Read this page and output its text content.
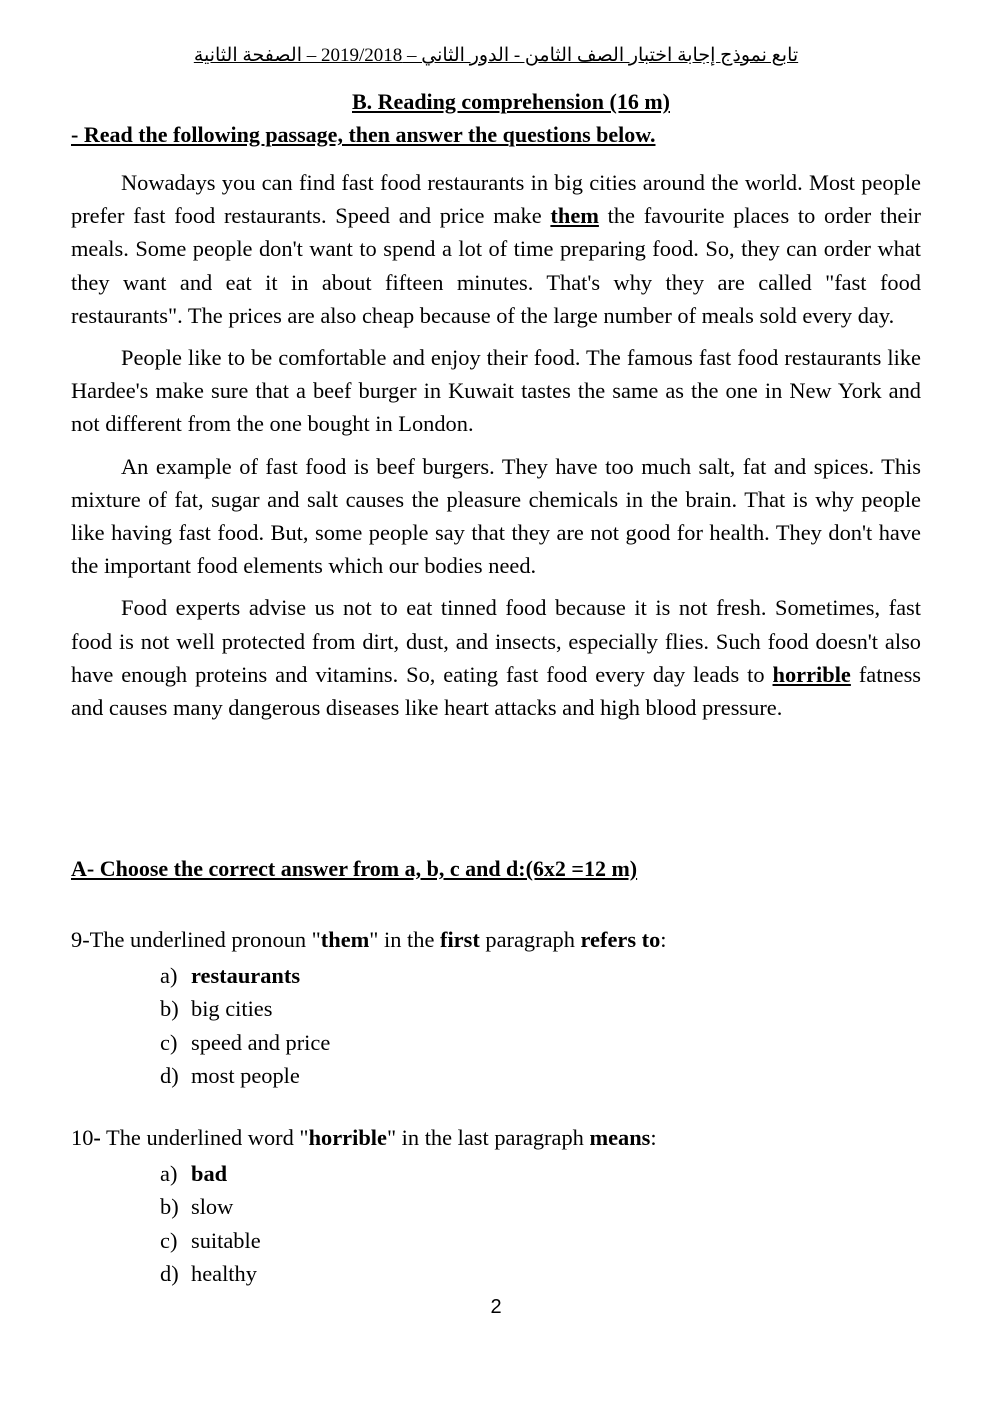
تابع نموذج إجابة اختبار الصف الثامن - الدور الثاني – 2019/2018 – الصفحة الثانية
B. Reading comprehension (16 m)
- Read the following passage, then answer the questions below.

Nowadays you can find fast food restaurants in big cities around the world. Most people prefer fast food restaurants. Speed and price make them the favourite places to order their meals. Some people don't want to spend a lot of time preparing food. So, they can order what they want and eat it in about fifteen minutes. That's why they are called "fast food restaurants". The prices are also cheap because of the large number of meals sold every day.

People like to be comfortable and enjoy their food. The famous fast food restaurants like Hardee's make sure that a beef burger in Kuwait tastes the same as the one in New York and not different from the one bought in London.

An example of fast food is beef burgers. They have too much salt, fat and spices. This mixture of fat, sugar and salt causes the pleasure chemicals in the brain. That is why people like having fast food. But, some people say that they are not good for health. They don't have the important food elements which our bodies need.

Food experts advise us not to eat tinned food because it is not fresh. Sometimes, fast food is not well protected from dirt, dust, and insects, especially flies. Such food doesn't also have enough proteins and vitamins. So, eating fast food every day leads to horrible fatness and causes many dangerous diseases like heart attacks and high blood pressure.

A- Choose the correct answer from a, b, c and d:(6x2 =12 m)
9-The underlined pronoun "them" in the first paragraph refers to:
a) restaurants
b) big cities
c) speed and price
d) most people
10- The underlined word "horrible" in the last paragraph means:
a) bad
b) slow
c) suitable
d) healthy
2
